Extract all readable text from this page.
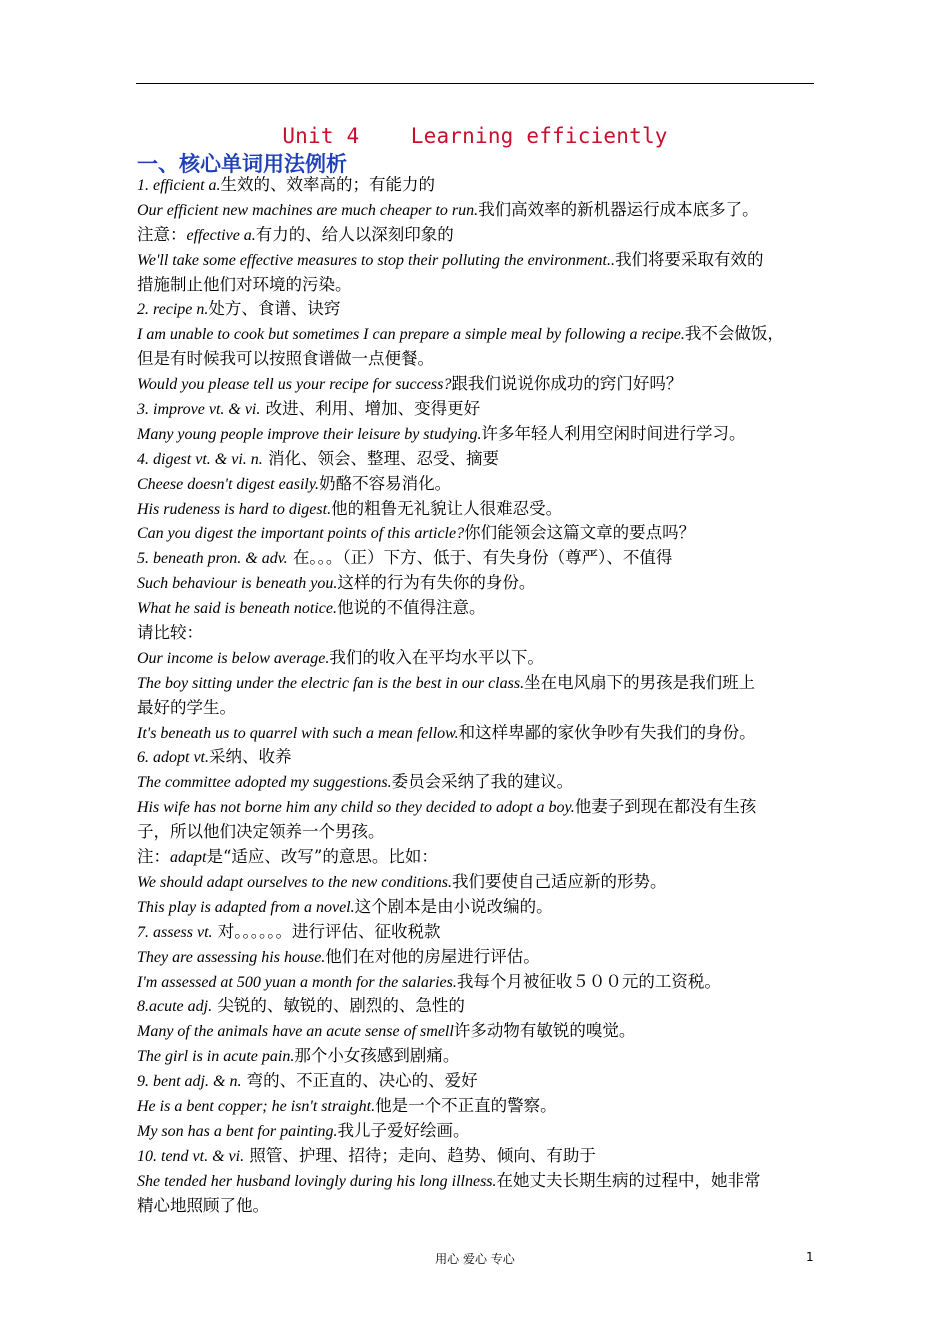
Unit 4    Learning efficiently
一、核心单词用法例析
1. efficient a.生效的、效率高的；有能力的
Our efficient new machines are much cheaper to run.我们高效率的新机器运行成本底多了。
注意：effective a.有力的、给人以深刻印象的
We'll take some effective measures to stop their polluting the environment..我们将要采取有效的
措施制止他们对环境的污染。
2. recipe n.处方、食谱、诀窍
I am unable to cook but sometimes I can prepare a simple meal by following a recipe.我不会做饭，
但是有时候我可以按照食谱做一点便餐。
Would you please tell us your recipe for success?跟我们说说你成功的窍门好吗？
3. improve vt. & vi. 改进、利用、增加、变得更好
Many young people improve their leisure by studying.许多年轻人利用空闲时间进行学习。
4. digest vt. & vi. n. 消化、领会、整理、忍受、摘要
Cheese doesn't digest easily.奶酪不容易消化。
His rudeness is hard to digest.他的粗鲁无礼貌让人很难忍受。
Can you digest the important points of this article?你们能领会这篇文章的要点吗？
5. beneath pron. & adv. 在。。。（正）下方、低于、有失身份（尊严）、不值得
Such behaviour is beneath you.这样的行为有失你的身份。
What he said is beneath notice.他说的不值得注意。
请比较：
Our income is below average.我们的收入在平均水平以下。
The boy sitting under the electric fan is the best in our class.坐在电风扇下的男孩是我们班上
最好的学生。
It's beneath us to quarrel with such a mean fellow.和这样卑鄙的家伙争吵有失我们的身份。
6. adopt vt.采纳、收养
The committee adopted my suggestions.委员会采纳了我的建议。
His wife has not borne him any child so they decided to adopt a boy.他妻子到现在都没有生孩
子，所以他们决定领养一个男孩。
注：adapt是“适应、改写”的意思。比如：
We should adapt ourselves to the new conditions.我们要使自己适应新的形势。
This play is adapted from a novel.这个剧本是由小说改编的。
7. assess vt. 对。。。。。。进行评估、征收税款
They are assessing his house.他们在对他的房屋进行评估。
I'm assessed at 500 yuan a month for the salaries.我每个月被征收５００元的工资税。
8.acute adj. 尖锐的、敏锐的、剧烈的、急性的
Many of the animals have an acute sense of smell许多动物有敏锐的嗅觉。
The girl is in acute pain.那个小女孩感到剧痛。
9. bent adj. & n. 弯的、不正直的、决心的、爱好
He is a bent copper; he isn't straight.他是一个不正直的警察。
My son has a bent for painting.我儿子爱好绘画。
10. tend vt. & vi. 照管、护理、招待；走向、趋势、倾向、有助于
She tended her husband lovingly during his long illness.在她丈夫长期生病的过程中，她非常
精心地照顾了他。
用心 爱心 专心	1
